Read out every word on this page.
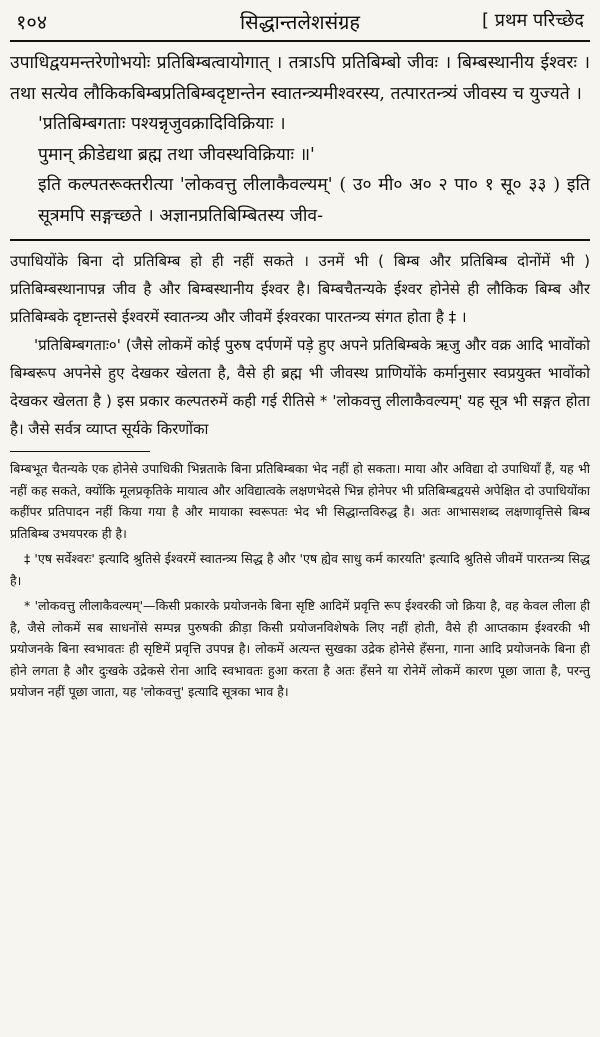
१०४	सिद्धान्तलेशसंग्रह	[ प्रथम परिच्छेद

उपाधिद्वयमन्तरेणोभयोः प्रतिबिम्बत्वायोगात् । तत्राऽपि प्रतिबिम्बो जीवः । बिम्बस्थानीय ईश्वरः । तथा सत्येव लौकिकबिम्बप्रतिबिम्बदृष्टान्तेन स्वातन्त्र्यमीश्वरस्य, तत्पारतन्त्र्यं जीवस्य च युज्यते ।

'प्रतिबिम्बगताः पश्यन्नृजुवक्रादिविक्रियाः ।

पुमान् क्रीडेद्यथा ब्रह्म तथा जीवस्थविक्रियाः ॥'

इति कल्पतरूक्तरीत्या 'लोकवत्तु लीलाकैवल्यम्' ( उ० मी० अ० २ पा० १ सू० ३३ ) इति सूत्रमपि सङ्गच्छते । अज्ञानप्रतिबिम्बितस्य जीव-

उपाधियोंके बिना दो प्रतिबिम्ब हो ही नहीं सकते । उनमें भी ( बिम्ब और प्रतिबिम्ब दोनोंमें भी ) प्रतिबिम्बस्थानापन्न जीव है और बिम्बस्थानीय ईश्वर है। बिम्बचैतन्यके ईश्वर होनेसे ही लौकिक बिम्ब और प्रतिबिम्बके दृष्टान्तसे ईश्वरमें स्वातन्त्र्य और जीवमें ईश्वरका पारतन्त्र्य संगत होता है ‡ ।

'प्रतिबिम्बगताः०' (जैसे लोकमें कोई पुरुष दर्पणमें पड़े हुए अपने प्रतिबिम्बके ऋजु और वक्र आदि भावोंको बिम्बरूप अपनेसे हुए देखकर खेलता है, वैसे ही ब्रह्म भी जीवस्थ प्राणियोंके कर्मानुसार स्वप्रयुक्त भावोंको देखकर खेलता है ) इस प्रकार कल्पतरुमें कही गई रीतिसे * 'लोकवत्तु लीलाकैवल्यम्' यह सूत्र भी सङ्गत होता है। जैसे सर्वत्र व्याप्त सूर्यके किरणोंका

बिम्बभूत चैतन्यके एक होनेसे उपाधिकी भिन्नताके बिना प्रतिबिम्बका भेद नहीं हो सकता। माया और अविद्या दो उपाधियाँ हैं, यह भी नहीं कह सकते, क्योंकि मूलप्रकृतिके मायात्व और अविद्यात्वके लक्षणभेदसे भिन्न होनेपर भी प्रतिबिम्बद्वयसे अपेक्षित दो उपाधियोंका कहींपर प्रतिपादन नहीं किया गया है और मायाका स्वरूपतः भेद भी सिद्धान्तविरुद्ध है। अतः आभासशब्द लक्षणावृत्तिसे बिम्ब प्रतिबिम्ब उभयपरक ही है।

‡ 'एष सर्वेश्वरः' इत्यादि श्रुतिसे ईश्वरमें स्वातन्त्र्य सिद्ध है और 'एष ह्येव साधु कर्म कारयति' इत्यादि श्रुतिसे जीवमें पारतन्त्र्य सिद्ध है।

* 'लोकवत्तु लीलाकैवल्यम्'—किसी प्रकारके प्रयोजनके बिना सृष्टि आदिमें प्रवृत्ति रूप ईश्वरकी जो क्रिया है, वह केवल लीला ही है, जैसे लोकमें सब साधनोंसे सम्पन्न पुरुषकी क्रीड़ा किसी प्रयोजनविशेषके लिए नहीं होती, वैसे ही आप्तकाम ईश्वरकी भी प्रयोजनके बिना स्वभावतः ही सृष्टिमें प्रवृत्ति उपपन्न है। लोकमें अत्यन्त सुखका उद्रेक होनेसे हँसना, गाना आदि प्रयोजनके बिना ही होने लगता है और दुःखके उद्रेकसे रोना आदि स्वभावतः हुआ करता है अतः हँसने या रोनेमें लोकमें कारण पूछा जाता है, परन्तु प्रयोजन नहीं पूछा जाता, यह 'लोकवत्तु' इत्यादि सूत्रका भाव है।
